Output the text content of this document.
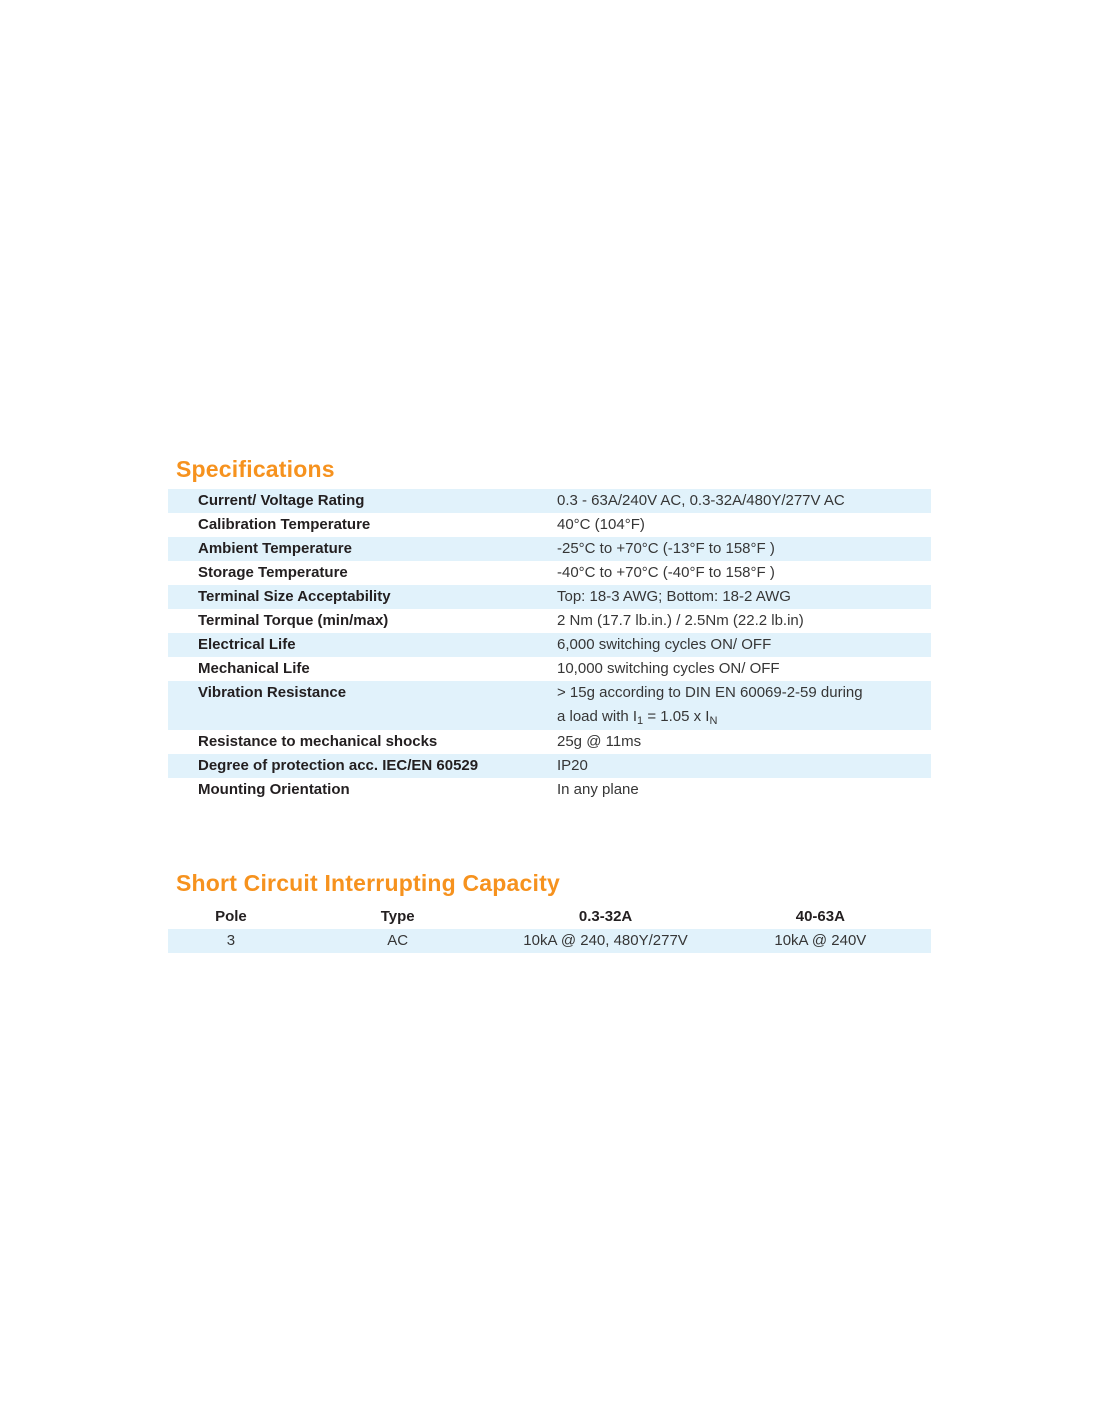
Specifications
Current/ Voltage Rating	0.3 - 63A/240V AC, 0.3-32A/480Y/277V AC
Calibration Temperature	40°C (104°F)
Ambient Temperature	-25°C to +70°C (-13°F to 158°F )
Storage Temperature	-40°C to +70°C (-40°F to 158°F )
Terminal Size Acceptability	Top: 18-3 AWG; Bottom: 18-2 AWG
Terminal Torque (min/max)	2 Nm (17.7 lb.in.) / 2.5Nm (22.2 lb.in)
Electrical Life	6,000 switching cycles ON/ OFF
Mechanical Life	10,000 switching cycles ON/ OFF
Vibration Resistance	> 15g according to DIN EN 60069-2-59 during
a load with $I_1 = 1.05$ x $I_N$
Resistance to mechanical shocks	25g @ 11ms
Degree of protection acc. IEC/EN 60529	IP20
Mounting Orientation	In any plane
Short Circuit Interrupting Capacity
Pole	Type	0.3-32A	40-63A
3	AC	10kA @ 240, 480Y/277V	10kA @ 240V
